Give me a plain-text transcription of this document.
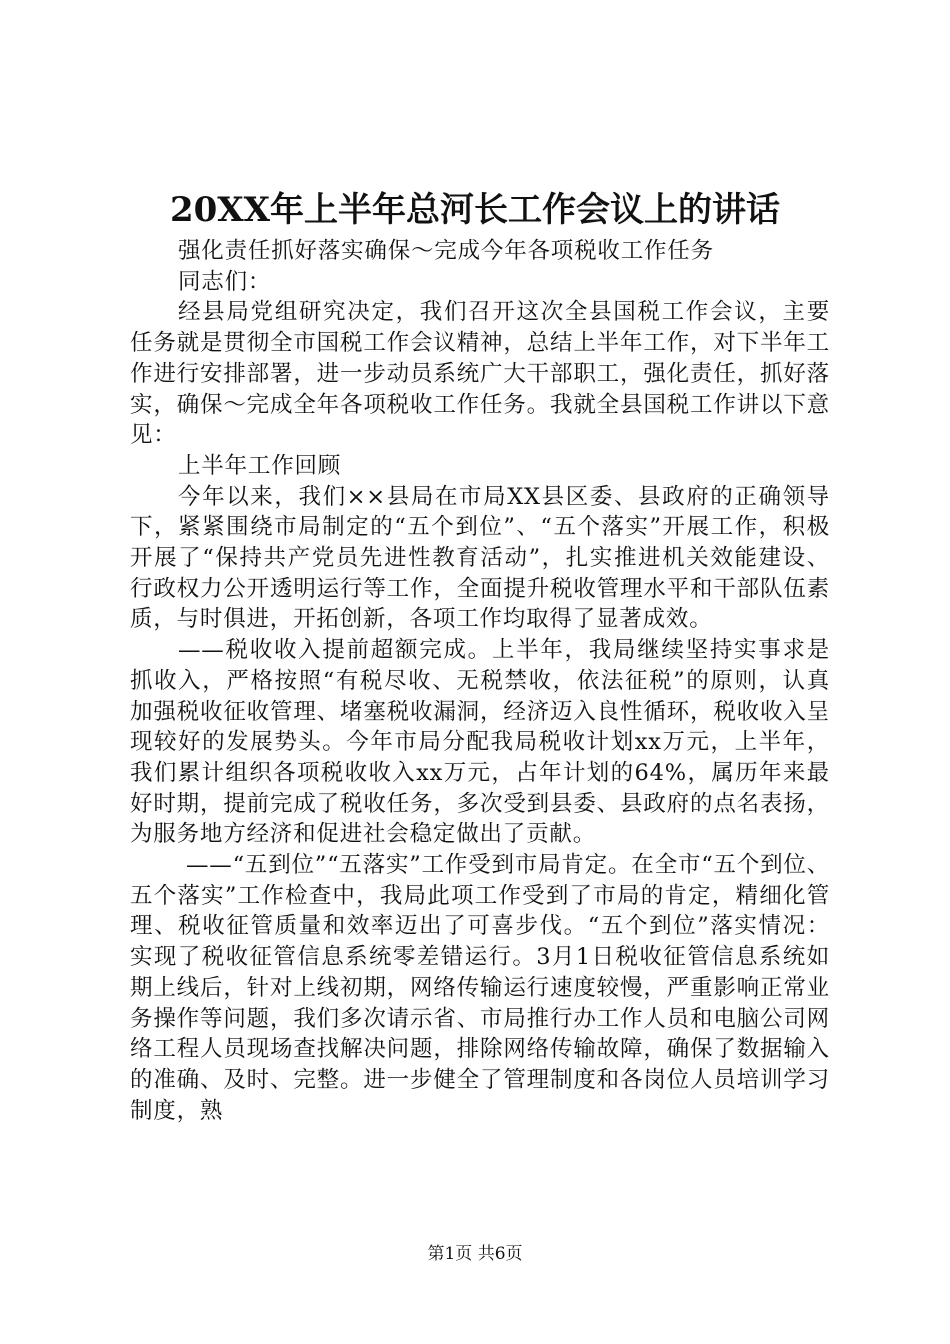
20XX年上半年总河长工作会议上的讲话

强化责任抓好落实确保～完成今年各项税收工作任务

同志们：

经县局党组研究决定，我们召开这次全县国税工作会议，主要任务就是贯彻全市国税工作会议精神，总结上半年工作，对下半年工作进行安排部署，进一步动员系统广大干部职工，强化责任，抓好落实，确保～完成全年各项税收工作任务。我就全县国税工作讲以下意见：

上半年工作回顾

今年以来，我们××县局在市局XX县区委、县政府的正确领导下，紧紧围绕市局制定的“五个到位”、“五个落实”开展工作，积极开展了“保持共产党员先进性教育活动”，扎实推进机关效能建设、行政权力公开透明运行等工作，全面提升税收管理水平和干部队伍素质，与时俱进，开拓创新，各项工作均取得了显著成效。

——税收收入提前超额完成。上半年，我局继续坚持实事求是抓收入，严格按照“有税尽收、无税禁收，依法征税”的原则，认真加强税收征收管理、堵塞税收漏洞，经济迈入良性循环，税收收入呈现较好的发展势头。今年市局分配我局税收计划xx万元，上半年，我们累计组织各项税收收入xx万元，占年计划的64%，属历年来最好时期，提前完成了税收任务，多次受到县委、县政府的点名表扬，为服务地方经济和促进社会稳定做出了贡献。

——“五到位”“五落实”工作受到市局肯定。在全市“五个到位、五个落实”工作检查中，我局此项工作受到了市局的肯定，精细化管理、税收征管质量和效率迈出了可喜步伐。“五个到位”落实情况：实现了税收征管信息系统零差错运行。3月1日税收征管信息系统如期上线后，针对上线初期，网络传输运行速度较慢，严重影响正常业务操作等问题，我们多次请示省、市局推行办工作人员和电脑公司网络工程人员现场查找解决问题，排除网络传输故障，确保了数据输入的准确、及时、完整。进一步健全了管理制度和各岗位人员培训学习制度，熟

第1页 共6页
